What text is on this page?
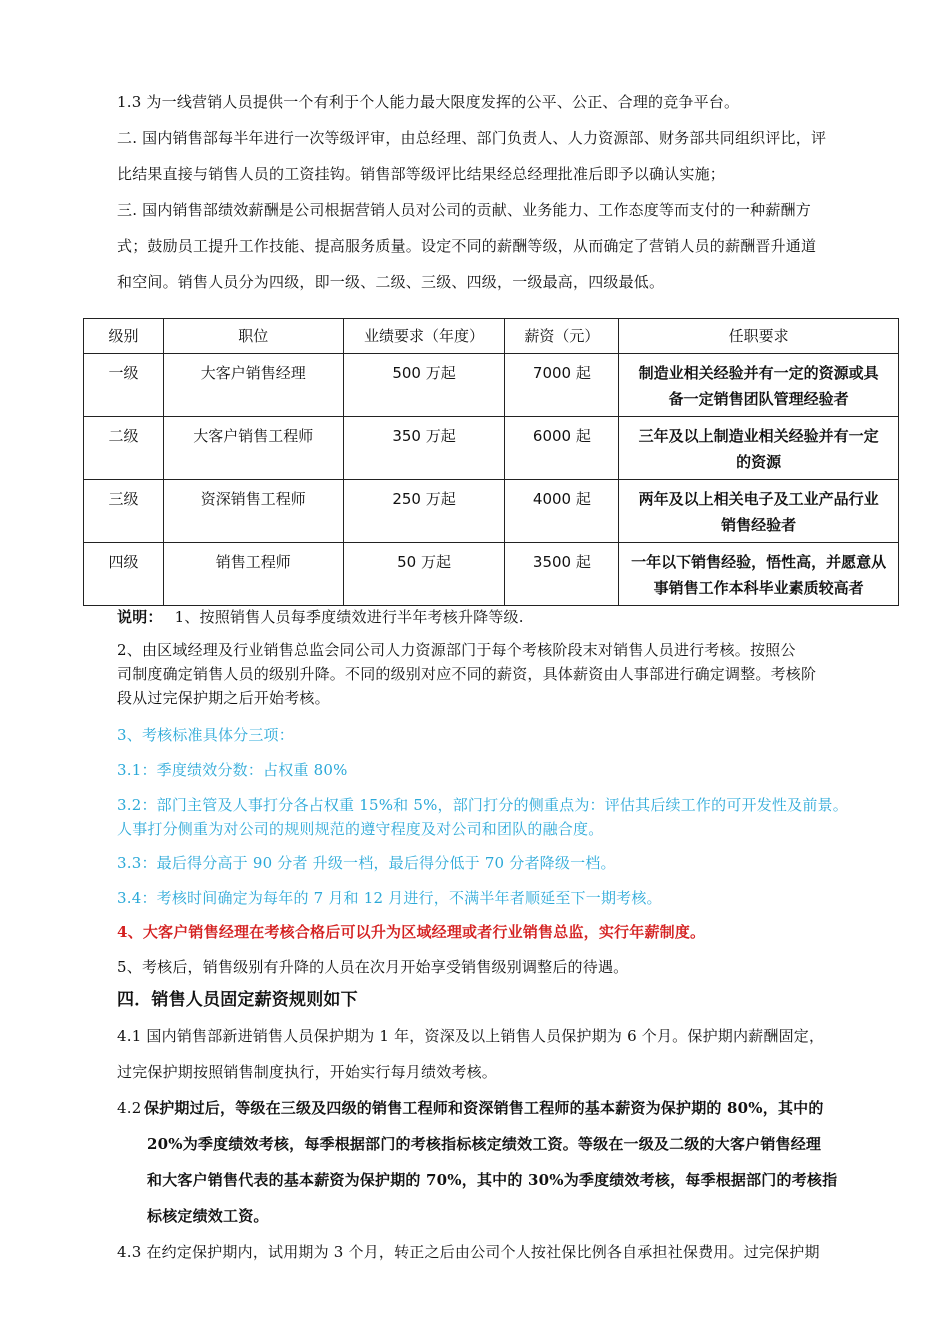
1.3 为一线营销人员提供一个有利于个人能力最大限度发挥的公平、公正、合理的竞争平台。
二. 国内销售部每半年进行一次等级评审，由总经理、部门负责人、人力资源部、财务部共同组织评比，评
比结果直接与销售人员的工资挂钩。销售部等级评比结果经总经理批准后即予以确认实施；
三. 国内销售部绩效薪酬是公司根据营销人员对公司的贡献、业务能力、工作态度等而支付的一种薪酬方
式；鼓励员工提升工作技能、提高服务质量。设定不同的薪酬等级，从而确定了营销人员的薪酬晋升通道
和空间。销售人员分为四级，即一级、二级、三级、四级，一级最高，四级最低。
级别	职位	业绩要求（年度）	薪资（元）	任职要求
一级	大客户销售经理	500 万起	7000 起	制造业相关经验并有一定的资源或具
备一定销售团队管理经验者

二级	大客户销售工程师	350 万起	6000 起	三年及以上制造业相关经验并有一定
的资源

三级	资深销售工程师	250 万起	4000 起	两年及以上相关电子及工业产品行业
销售经验者

四级	销售工程师	50 万起	3500 起	一年以下销售经验，悟性高，并愿意从
事销售工作本科毕业素质较高者
说明： 1、按照销售人员每季度绩效进行半年考核升降等级.
2、由区域经理及行业销售总监会同公司人力资源部门于每个考核阶段末对销售人员进行考核。按照公
司制度确定销售人员的级别升降。不同的级别对应不同的薪资，具体薪资由人事部进行确定调整。考核阶
段从过完保护期之后开始考核。
3、考核标准具体分三项：
3.1：季度绩效分数：占权重 80%
3.2：部门主管及人事打分各占权重 15%和 5%，部门打分的侧重点为：评估其后续工作的可开发性及前景。
人事打分侧重为对公司的规则规范的遵守程度及对公司和团队的融合度。
3.3：最后得分高于 90 分者 升级一档，最后得分低于 70 分者降级一档。
3.4：考核时间确定为每年的 7 月和 12 月进行，不满半年者顺延至下一期考核。
4、大客户销售经理在考核合格后可以升为区域经理或者行业销售总监，实行年薪制度。
5、考核后，销售级别有升降的人员在次月开始享受销售级别调整后的待遇。
四．销售人员固定薪资规则如下
4.1 国内销售部新进销售人员保护期为 1 年，资深及以上销售人员保护期为 6 个月。保护期内薪酬固定，
过完保护期按照销售制度执行，开始实行每月绩效考核。
4.2 保护期过后，等级在三级及四级的销售工程师和资深销售工程师的基本薪资为保护期的 80%，其中的
20%为季度绩效考核，每季根据部门的考核指标核定绩效工资。等级在一级及二级的大客户销售经理
和大客户销售代表的基本薪资为保护期的 70%，其中的 30%为季度绩效考核，每季根据部门的考核指
标核定绩效工资。
4.3 在约定保护期内，试用期为 3 个月，转正之后由公司个人按社保比例各自承担社保费用。过完保护期
